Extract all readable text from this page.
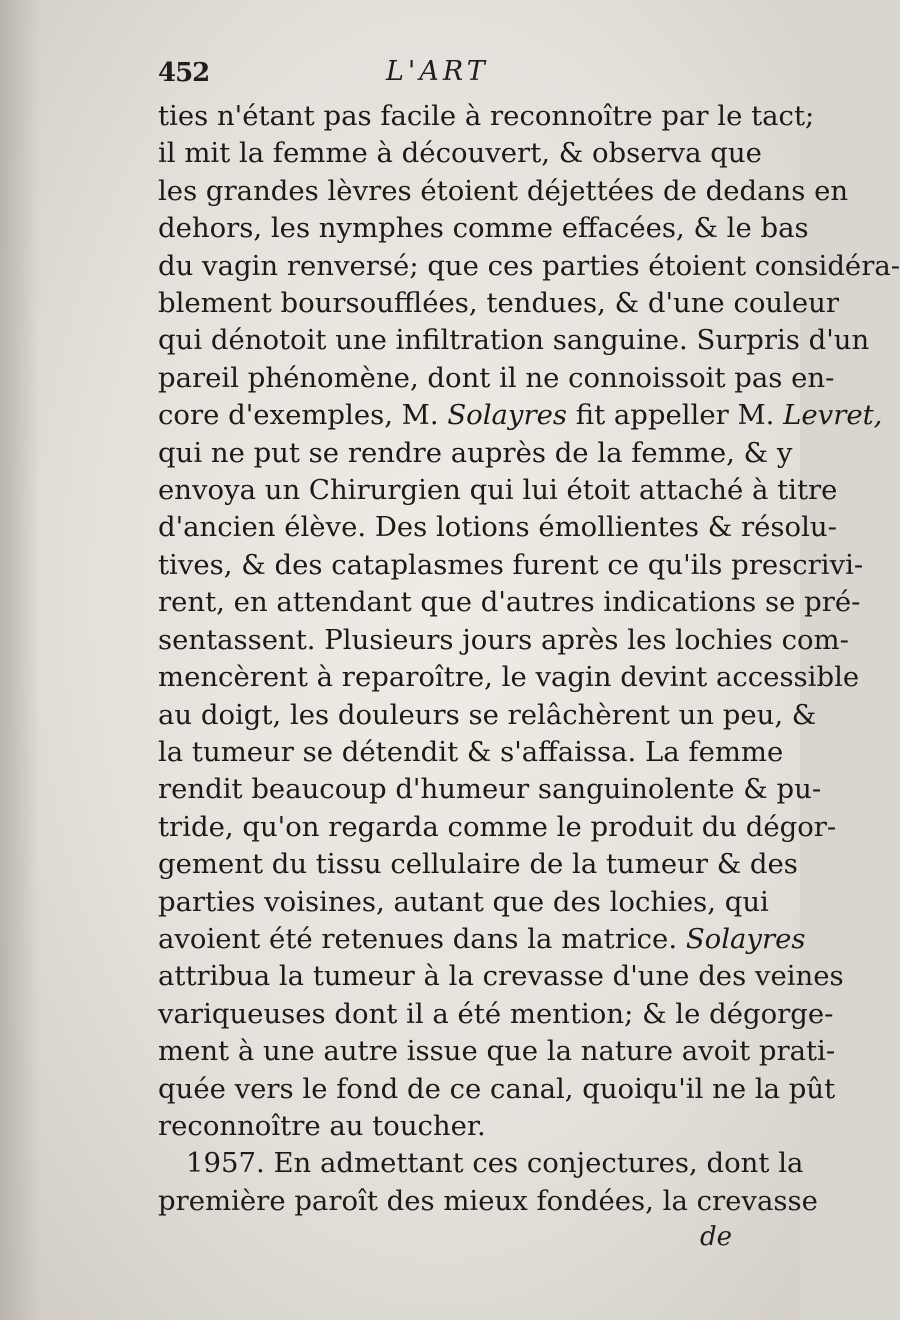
452	L'ART
ties n'étant pas facile à reconnoître par le tact;
il mit la femme à découvert, & observa que
les grandes lèvres étoient déjettées de dedans en
dehors, les nymphes comme effacées, & le bas
du vagin renversé; que ces parties étoient considéra-
blement boursoufflées, tendues, & d'une couleur
qui dénotoit une infiltration sanguine. Surpris d'un
pareil phénomène, dont il ne connoissoit pas en-
core d'exemples, M. Solayres fit appeller M. Levret,
qui ne put se rendre auprès de la femme, & y
envoya un Chirurgien qui lui étoit attaché à titre
d'ancien élève. Des lotions émollientes & résolu-
tives, & des cataplasmes furent ce qu'ils prescrivi-
rent, en attendant que d'autres indications se pré-
sentassent. Plusieurs jours après les lochies com-
mencèrent à reparoître, le vagin devint accessible
au doigt, les douleurs se relâchèrent un peu, &
la tumeur se détendit & s'affaissa. La femme
rendit beaucoup d'humeur sanguinolente & pu-
tride, qu'on regarda comme le produit du dégor-
gement du tissu cellulaire de la tumeur & des
parties voisines, autant que des lochies, qui
avoient été retenues dans la matrice. Solayres
attribua la tumeur à la crevasse d'une des veines
variqueuses dont il a été mention; & le dégorge-
ment à une autre issue que la nature avoit prati-
quée vers le fond de ce canal, quoiqu'il ne la pût
reconnoître au toucher.
1957. En admettant ces conjectures, dont la
première paroît des mieux fondées, la crevasse
de
